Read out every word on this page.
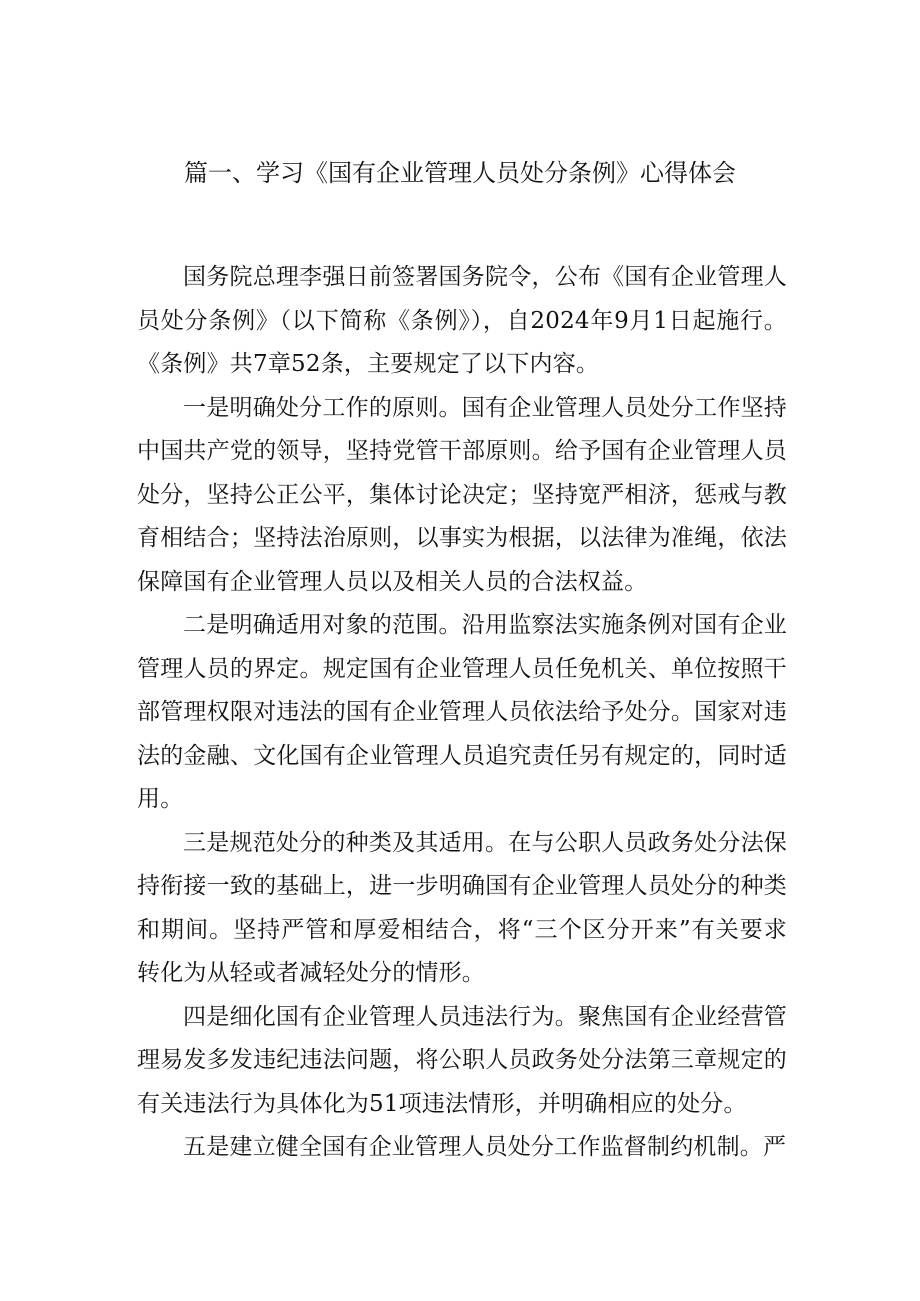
篇一、学习《国有企业管理人员处分条例》心得体会

国务院总理李强日前签署国务院令，公布《国有企业管理人员处分条例》（以下简称《条例》），自2024年9月1日起施行。《条例》共7章52条，主要规定了以下内容。

一是明确处分工作的原则。国有企业管理人员处分工作坚持中国共产党的领导，坚持党管干部原则。给予国有企业管理人员处分，坚持公正公平，集体讨论决定；坚持宽严相济，惩戒与教育相结合；坚持法治原则，以事实为根据，以法律为准绳，依法保障国有企业管理人员以及相关人员的合法权益。

二是明确适用对象的范围。沿用监察法实施条例对国有企业管理人员的界定。规定国有企业管理人员任免机关、单位按照干部管理权限对违法的国有企业管理人员依法给予处分。国家对违法的金融、文化国有企业管理人员追究责任另有规定的，同时适用。

三是规范处分的种类及其适用。在与公职人员政务处分法保持衔接一致的基础上，进一步明确国有企业管理人员处分的种类和期间。坚持严管和厚爱相结合，将“三个区分开来”有关要求转化为从轻或者减轻处分的情形。

四是细化国有企业管理人员违法行为。聚焦国有企业经营管理易发多发违纪违法问题，将公职人员政务处分法第三章规定的有关违法行为具体化为51项违法情形，并明确相应的处分。

五是建立健全国有企业管理人员处分工作监督制约机制。严
